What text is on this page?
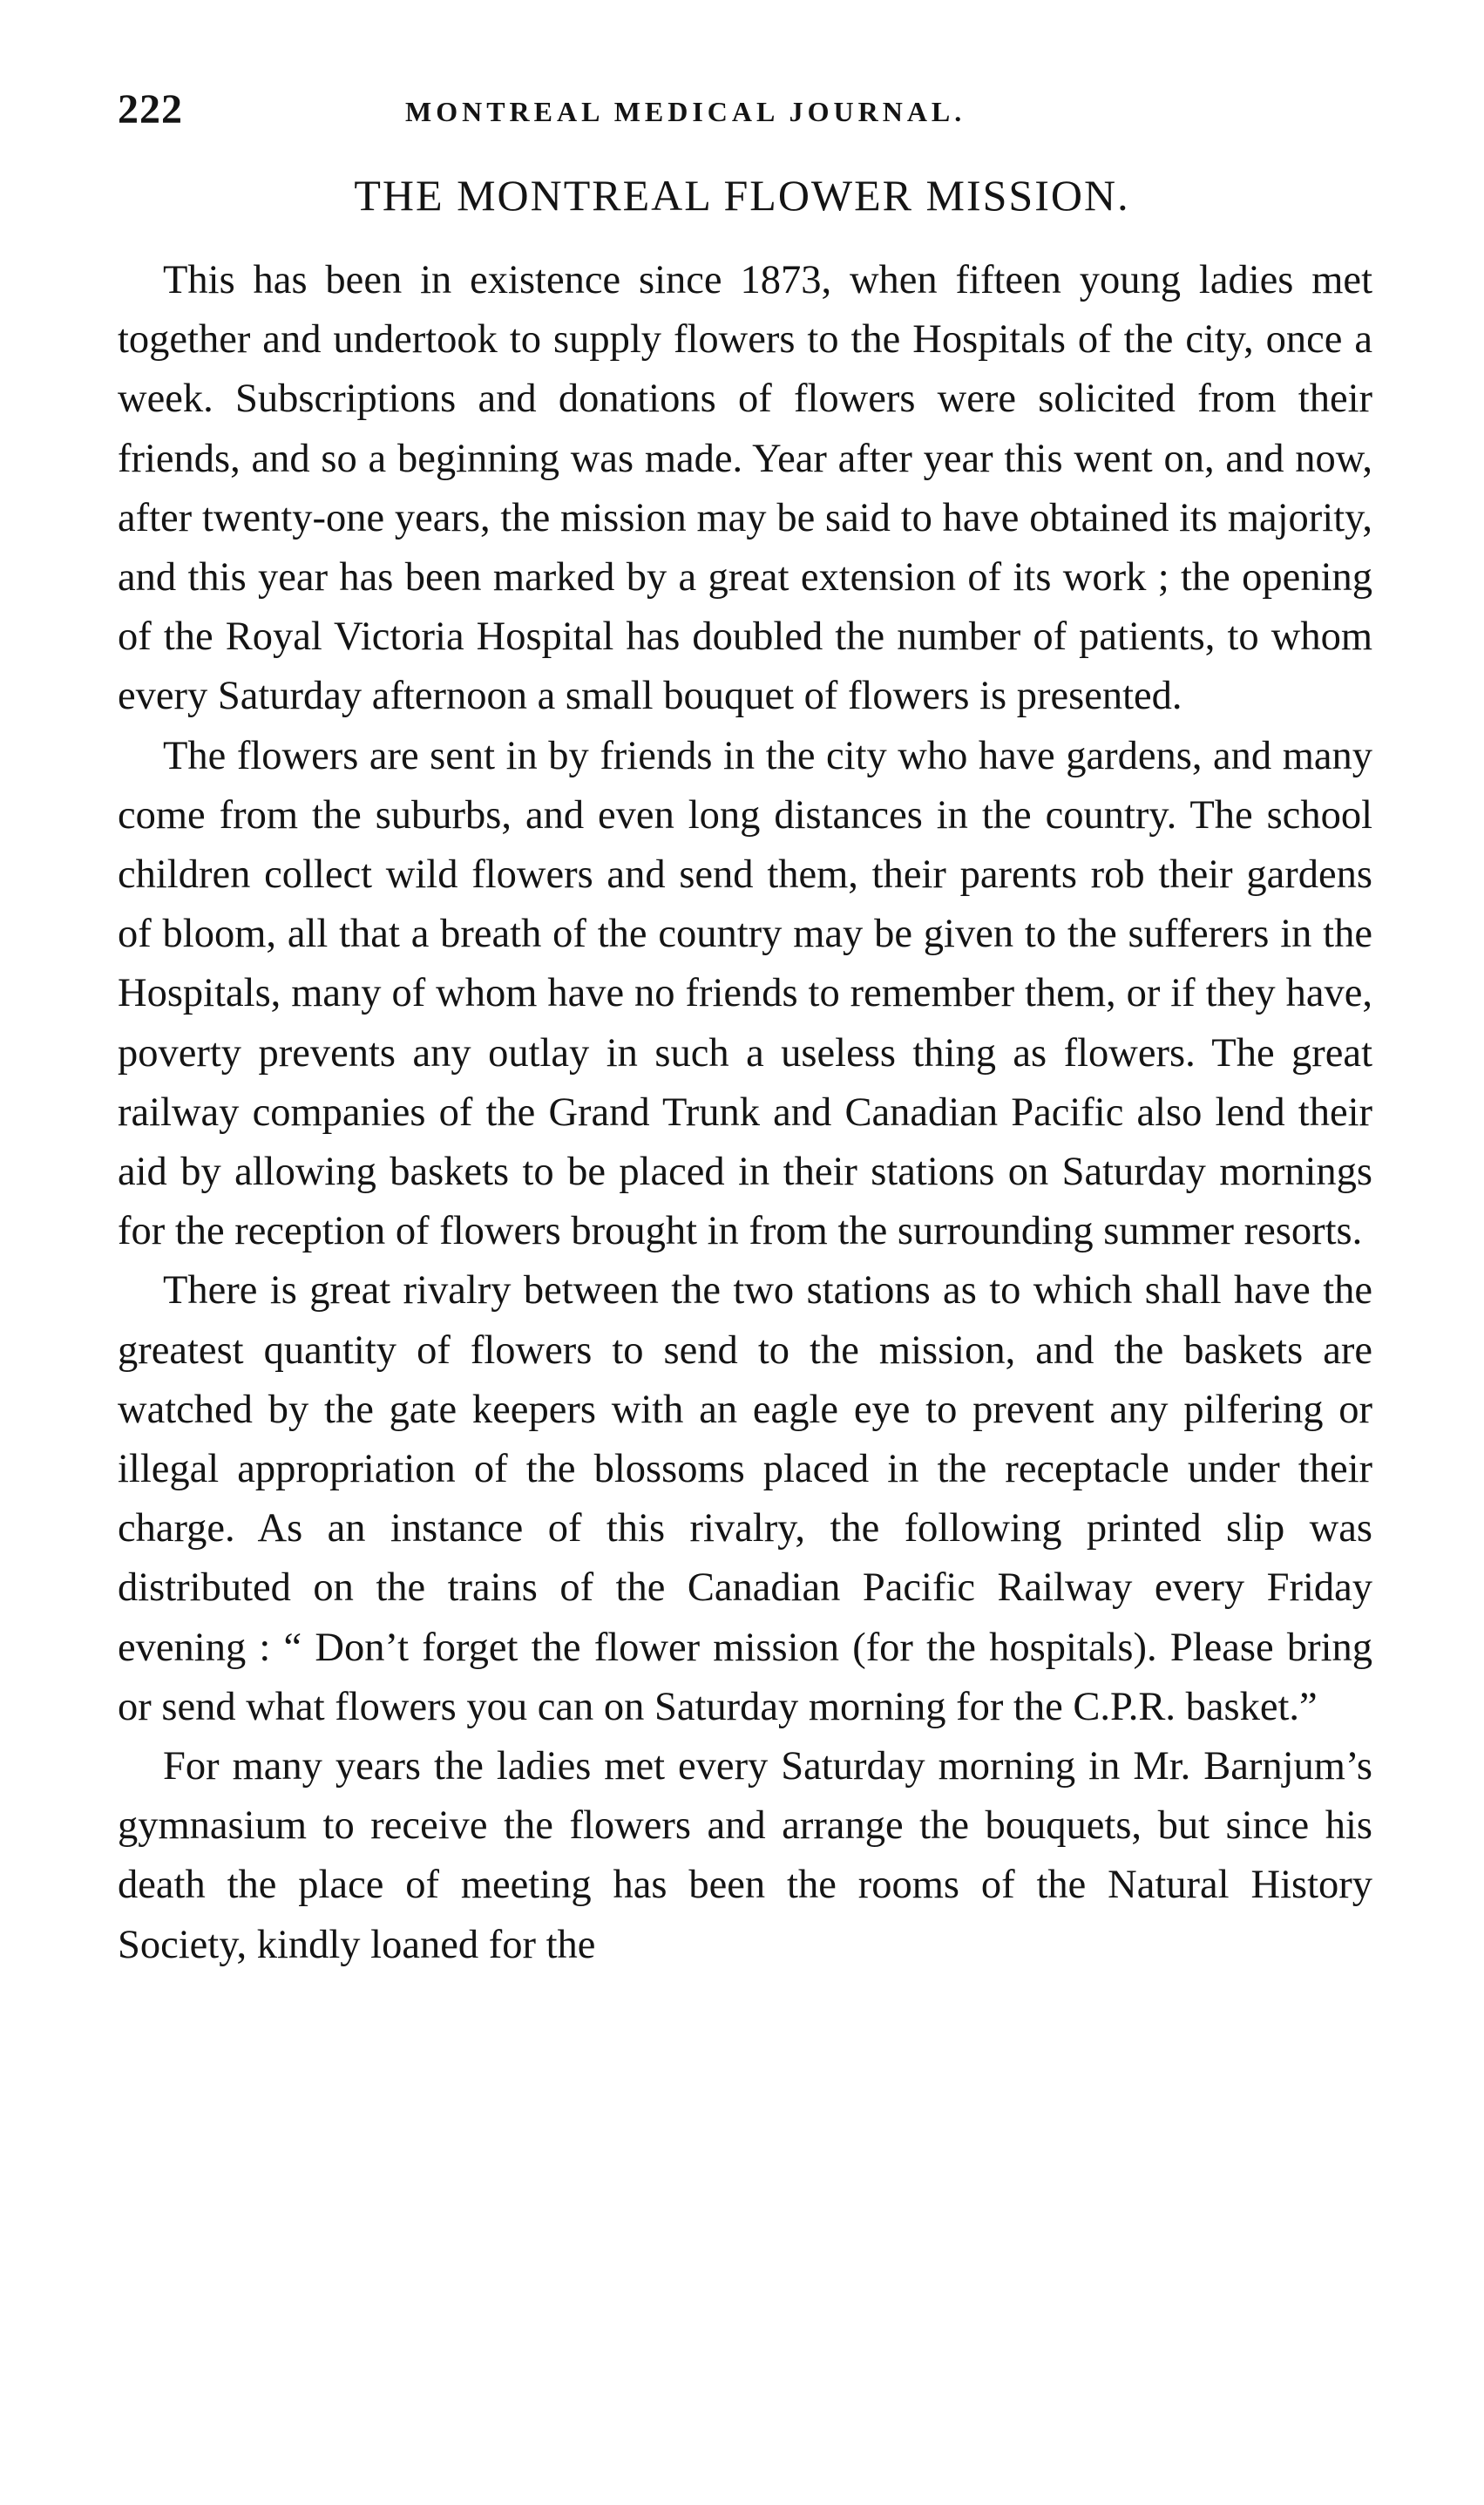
222	MONTREAL MEDICAL JOURNAL.
THE MONTREAL FLOWER MISSION.

This has been in existence since 1873, when fifteen young ladies met together and undertook to supply flowers to the Hospitals of the city, once a week. Subscriptions and donations of flowers were solicited from their friends, and so a beginning was made. Year after year this went on, and now, after twenty-one years, the mission may be said to have obtained its majority, and this year has been marked by a great extension of its work ; the opening of the Royal Victoria Hospital has doubled the number of patients, to whom every Saturday afternoon a small bouquet of flowers is presented.

The flowers are sent in by friends in the city who have gardens, and many come from the suburbs, and even long distances in the country. The school children collect wild flowers and send them, their parents rob their gardens of bloom, all that a breath of the country may be given to the sufferers in the Hospitals, many of whom have no friends to remember them, or if they have, poverty prevents any outlay in such a useless thing as flowers. The great railway companies of the Grand Trunk and Canadian Pacific also lend their aid by allowing baskets to be placed in their stations on Saturday mornings for the reception of flowers brought in from the surrounding summer resorts.

There is great rivalry between the two stations as to which shall have the greatest quantity of flowers to send to the mission, and the baskets are watched by the gate keepers with an eagle eye to prevent any pilfering or illegal appropriation of the blossoms placed in the receptacle under their charge. As an instance of this rivalry, the following printed slip was distributed on the trains of the Canadian Pacific Railway every Friday evening : “ Don’t forget the flower mission (for the hospitals). Please bring or send what flowers you can on Saturday morning for the C.P.R. basket.”

For many years the ladies met every Saturday morning in Mr. Barnjum’s gymnasium to receive the flowers and arrange the bouquets, but since his death the place of meeting has been the rooms of the Natural History Society, kindly loaned for the
